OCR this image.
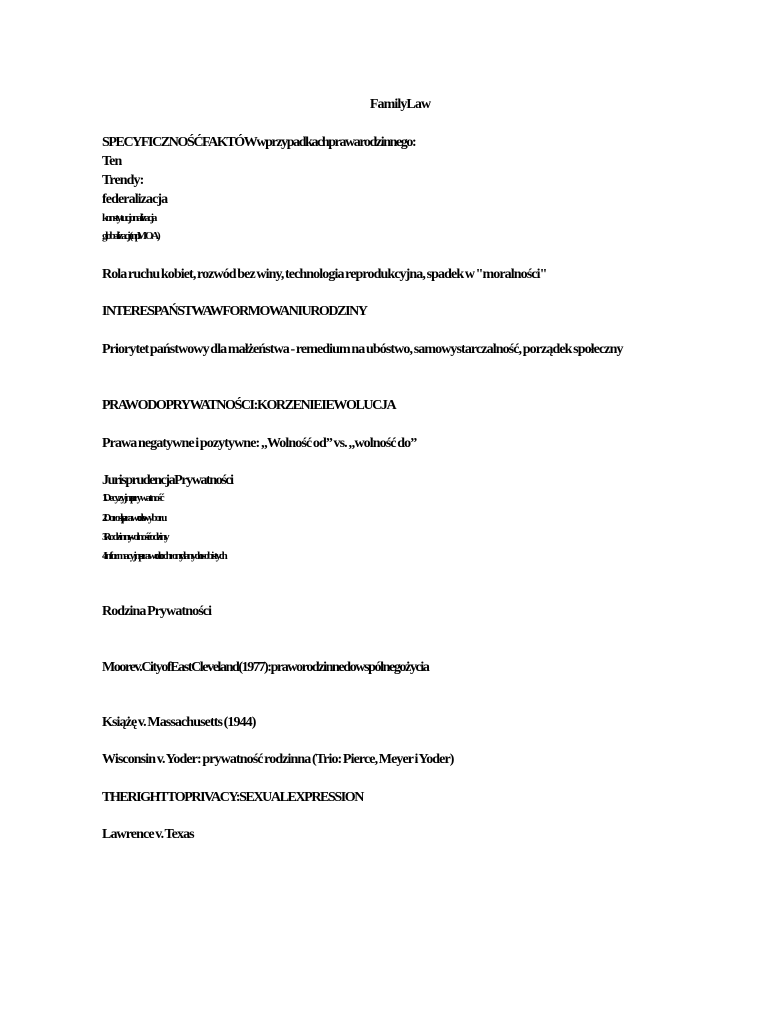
FamilyLaw
SPECYFICZNOŚĆFAKTÓWwprzypadkachprawarodzinnego:
Ten
Trendy:
federalizacja
konstytucjonalizacja
globalizacja (np. MOA)
Rola ruchu kobiet, rozwód bez winy, technologia reprodukcyjna, spadek w "moralności"
INTERESPAŃSTWAWFORMOWANIURODZINY
Priorytet państwowy dla małżeństwa - remedium na ubóstwo, samowystarczalność, porządek społeczny
PRAWO DO PRYWATNOŚCI: KORZENIE I EWOLUCJA
Prawa negatywne i pozytywne: „Wolność od” vs. „wolność do”
JurisprudencjaPrywatności
1. Decyzyjna prywatność
2. Dorosły - prawo do wyboru
3. Rodzinny - wolność rodziny
4. Informacyjna - prawo do ochrony danych osobistych
Rodzina Prywatności
Moorev.CityofEastCleveland(1977):prawo rodzinne do wspólnego życia
Książę v. Massachusetts (1944)
Wisconsin v. Yoder: prywatność rodzinna (Trio: Pierce, Meyer i Yoder)
THERIGHTTOPRIVACY:SEXUALEXPRESSION
Lawrence v. Texas
